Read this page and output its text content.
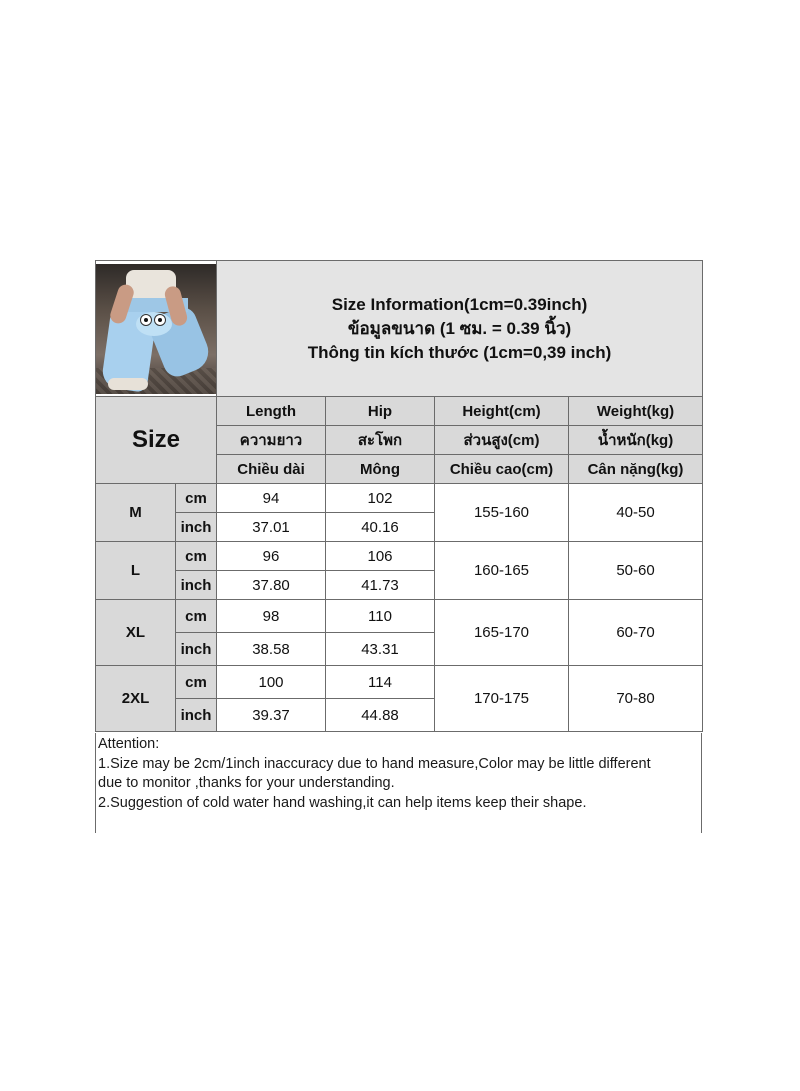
		Size Information(1cm=0.39inch)
ข้อมูลขนาด (1 ซม. = 0.39 นิ้ว)
Thông tin kích thước (1cm=0,39 inch)			

Size		Length	Hip	Height(cm)	Weight(kg)
		ความยาว	สะโพก	ส่วนสูง(cm)	น้ำหนัก(kg)
		Chiều dài	Mông	Chiều cao(cm)	Cân nặng(kg)
M	cm	94	102	155-160	40-50
	inch	37.01	40.16		
L	cm	96	106	160-165	50-60
	inch	37.80	41.73		
XL	cm	98	110	165-170	60-70
	inch	38.58	43.31		
2XL	cm	100	114	170-175	70-80
	inch	39.37	44.88		
Attention:
1.Size may be 2cm/1inch inaccuracy due to hand measure,Color may be little different
due to monitor ,thanks for your understanding.
2.Suggestion of cold water hand washing,it can help items keep their shape.
